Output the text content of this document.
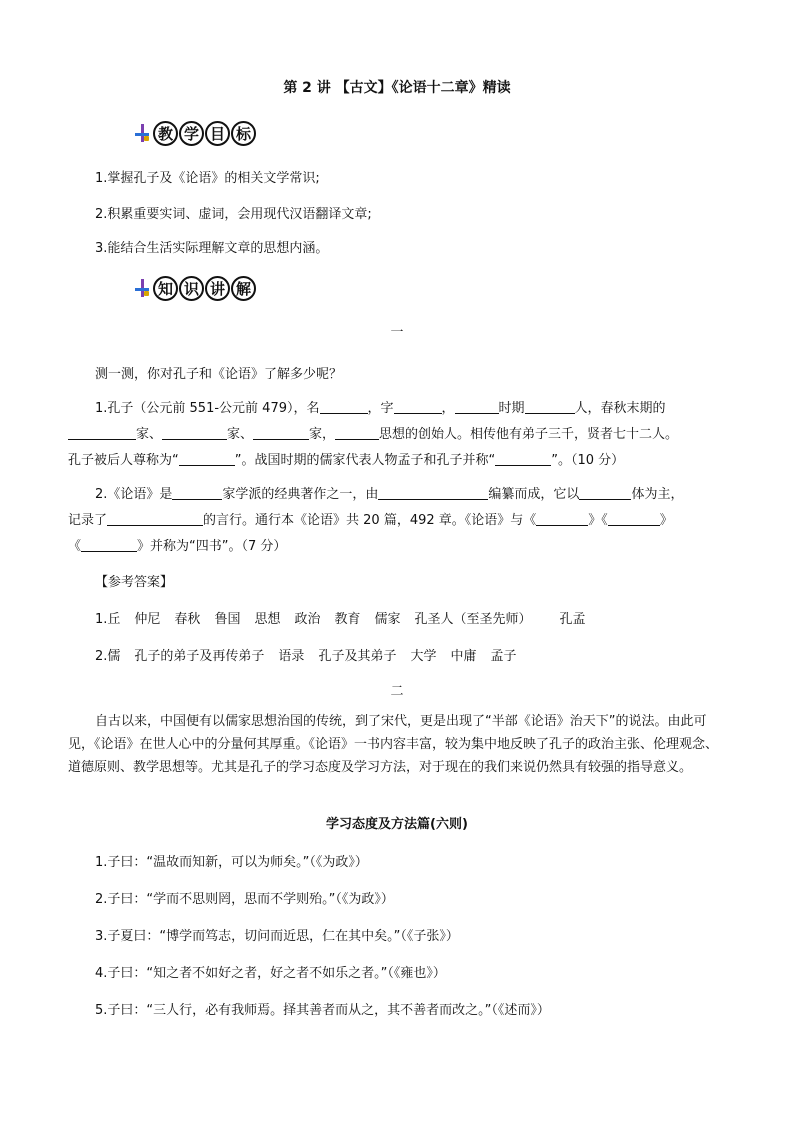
第 2 讲 【古文】《论语十二章》精读
教 学 目 标
1.掌握孔子及《论语》的相关文学常识;
2.积累重要实词、虚词，会用现代汉语翻译文章;
3.能结合生活实际理解文章的思想内涵。
知 识 讲 解
一
测一测，你对孔子和《论语》了解多少呢？
1.孔子（公元前 551-公元前 479），名	，字	，	时期	人，春秋末期的
家、	家、	家，	思想的创始人。相传他有弟子三千，贤者七十二人。
孔子被后人尊称为“	”。战国时期的儒家代表人物孟子和孔子并称“	”。（10 分）
2.《论语》是	家学派的经典著作之一，由	编纂而成，它以	体为主，
记录了	的言行。通行本《论语》共 20 篇，492 章。《论语》与《	》《	》
《	》并称为“四书”。（7 分）
【参考答案】
1.丘 仲尼 春秋 鲁国 思想 政治 教育 儒家 孔圣人（至圣先师） 孔孟
2.儒 孔子的弟子及再传弟子 语录 孔子及其弟子 大学 中庸 孟子
二
自古以来，中国便有以儒家思想治国的传统，到了宋代，更是出现了“半部《论语》治天下”的说法。由此可见，《论语》在世人心中的分量何其厚重。《论语》一书内容丰富，较为集中地反映了孔子的政治主张、伦理观念、道德原则、教学思想等。尤其是孔子的学习态度及学习方法，对于现在的我们来说仍然具有较强的指导意义。
学习态度及方法篇(六则)
1.子曰：“温故而知新，可以为师矣。”（《为政》）
2.子曰：“学而不思则罔，思而不学则殆。”（《为政》）
3.子夏曰：“博学而笃志，切问而近思，仁在其中矣。”（《子张》）
4.子曰：“知之者不如好之者，好之者不如乐之者。”（《雍也》）
5.子曰：“三人行，必有我师焉。择其善者而从之，其不善者而改之。”（《述而》）
